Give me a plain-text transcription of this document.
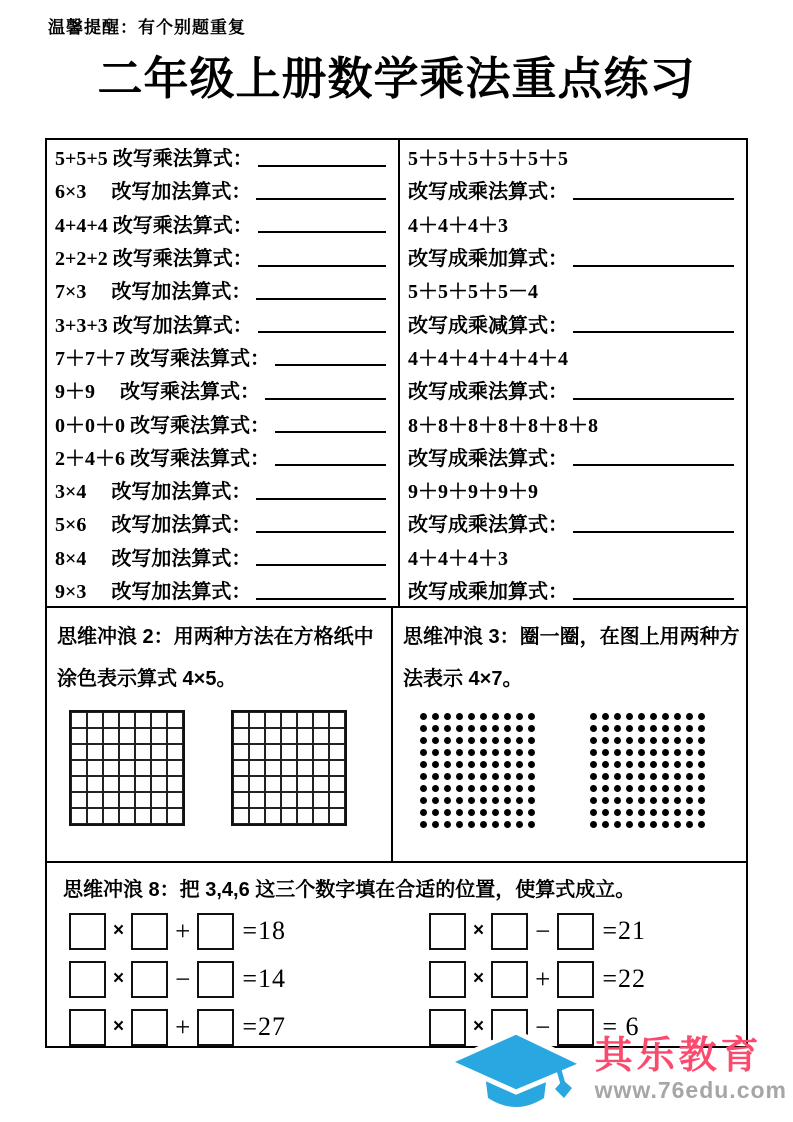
温馨提醒：有个别题重复
二年级上册数学乘法重点练习
5+5+5 改写乘法算式：
6×3　 改写加法算式：
4+4+4 改写乘法算式：
2+2+2 改写乘法算式：
7×3　 改写加法算式：
3+3+3 改写加法算式：
7＋7＋7 改写乘法算式：
9＋9　 改写乘法算式：
0＋0＋0 改写乘法算式：
2＋4＋6 改写乘法算式：
3×4　 改写加法算式：
5×6　 改写加法算式：
8×4　 改写加法算式：
9×3　 改写加法算式：
5＋5＋5＋5＋5＋5
改写成乘法算式：
4＋4＋4＋3
改写成乘加算式：
5＋5＋5＋5－4
改写成乘减算式：
4＋4＋4＋4＋4＋4
改写成乘法算式：
8＋8＋8＋8＋8＋8＋8
改写成乘法算式：
9＋9＋9＋9＋9
改写成乘法算式：
4＋4＋4＋3
改写成乘加算式：
思维冲浪 2：用两种方法在方格纸中涂色表示算式 4×5。
思维冲浪 3：圈一圈，在图上用两种方法表示 4×7。
思维冲浪 8：把 3,4,6 这三个数字填在合适的位置，使算式成立。
× + =18
× − =14
× + =27
× − =21
× + =22
× − = 6
其乐教育
www.76edu.com
